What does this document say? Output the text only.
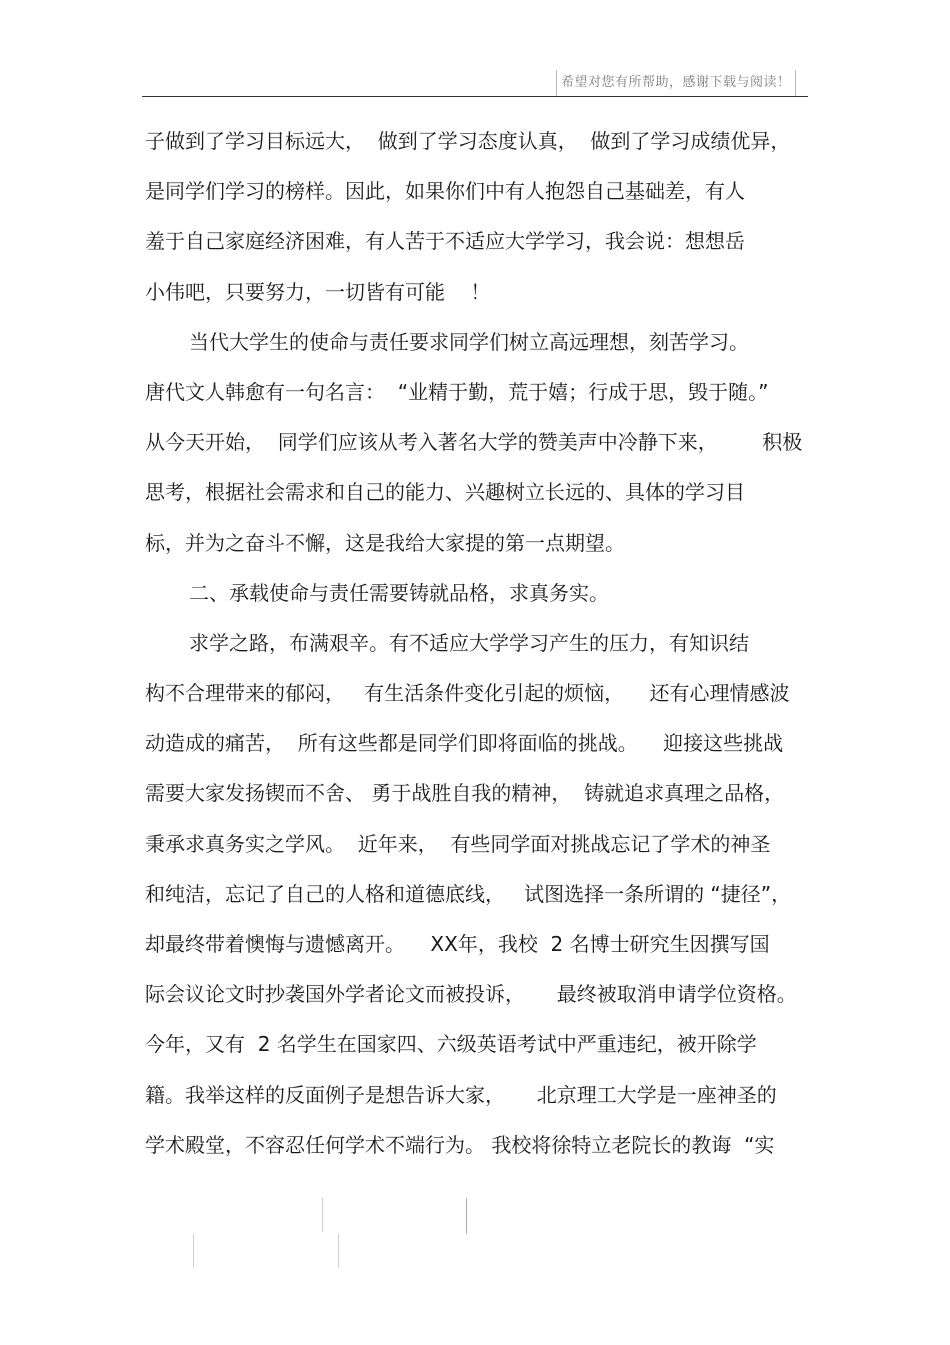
希望对您有所帮助，感谢下载与阅读！
子做到了学习目标远大，  做到了学习态度认真，  做到了学习成绩优异，
是同学们学习的榜样。因此，如果你们中有人抱怨自己基础差，有人
羞于自己家庭经济困难，有人苦于不适应大学学习，我会说：想想岳
小伟吧，只要努力，一切皆有可能    ！
当代大学生的使命与责任要求同学们树立高远理想，刻苦学习。
唐代文人韩愈有一句名言：  “业精于勤，荒于嬉；行成于思，毁于随。”
从今天开始，  同学们应该从考入著名大学的赞美声中冷静下来，       积极
思考，根据社会需求和自己的能力、兴趣树立长远的、具体的学习目
标，并为之奋斗不懈，这是我给大家提的第一点期望。
二、承载使命与责任需要铸就品格，求真务实。
求学之路，布满艰辛。有不适应大学学习产生的压力，有知识结
构不合理带来的郁闷，   有生活条件变化引起的烦恼，    还有心理情感波
动造成的痛苦，  所有这些都是同学们即将面临的挑战。    迎接这些挑战
需要大家发扬锲而不舍、 勇于战胜自我的精神，  铸就追求真理之品格，
秉承求真务实之学风。  近年来，  有些同学面对挑战忘记了学术的神圣
和纯洁，忘记了自己的人格和道德底线，   试图选择一条所谓的 “捷径”，
却最终带着懊悔与遗憾离开。    XX年，我校  2 名博士研究生因撰写国
际会议论文时抄袭国外学者论文而被投诉，     最终被取消申请学位资格。
今年，又有  2 名学生在国家四、六级英语考试中严重违纪，被开除学
籍。我举这样的反面例子是想告诉大家，     北京理工大学是一座神圣的
学术殿堂，不容忍任何学术不端行为。 我校将徐特立老院长的教诲  “实
